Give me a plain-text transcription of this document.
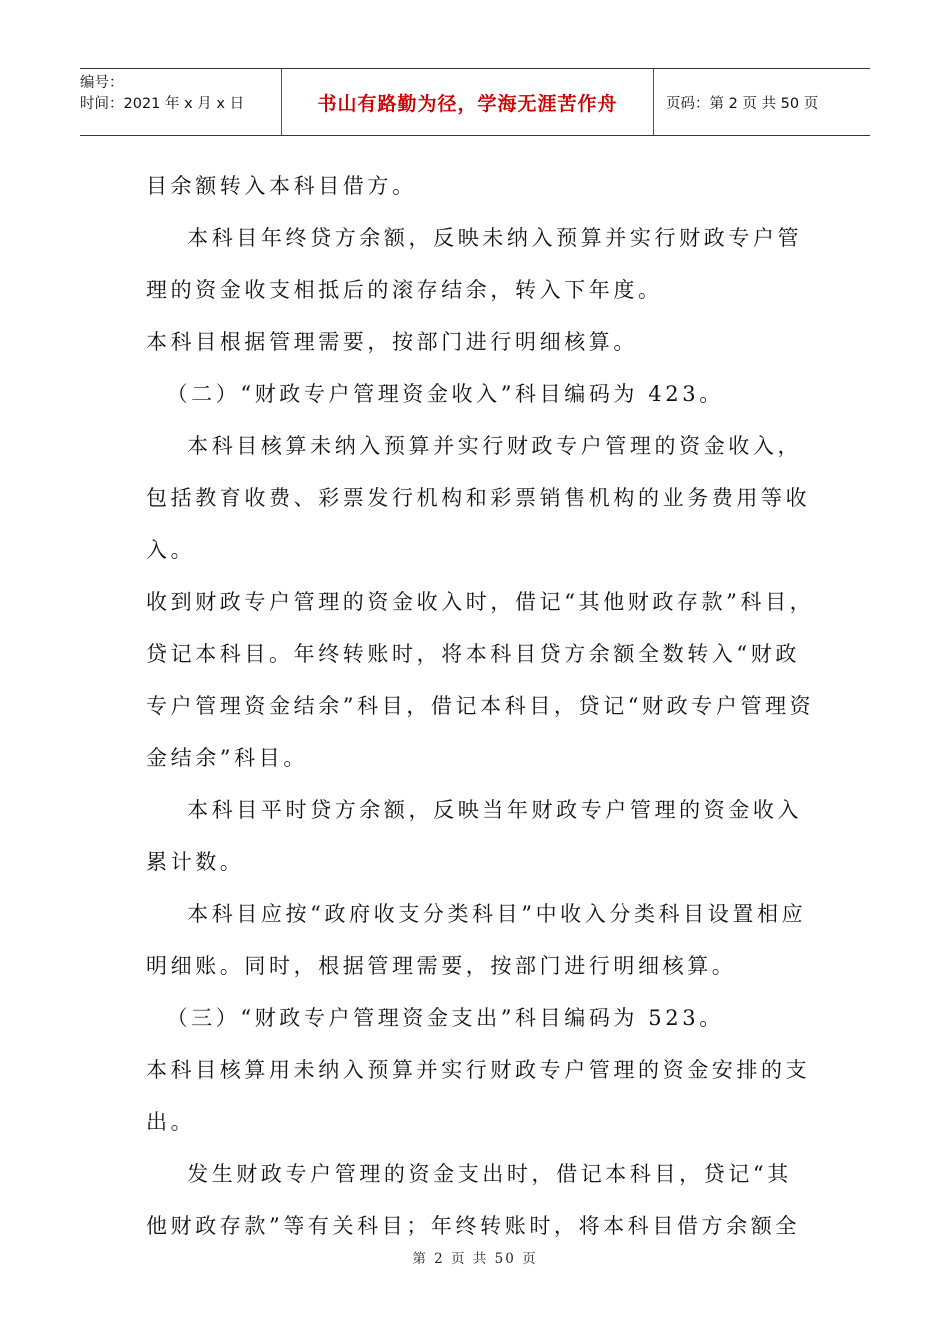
编号：
时间：2021 年 x 月 x 日	书山有路勤为径，学海无涯苦作舟	页码：第 2 页 共 50 页

目余额转入本科目借方。

本科目年终贷方余额，反映未纳入预算并实行财政专户管理的资金收支相抵后的滚存结余，转入下年度。

本科目根据管理需要，按部门进行明细核算。

（二）“财政专户管理资金收入”科目编码为 423。

本科目核算未纳入预算并实行财政专户管理的资金收入，包括教育收费、彩票发行机构和彩票销售机构的业务费用等收入。

收到财政专户管理的资金收入时，借记“其他财政存款”科目，贷记本科目。年终转账时，将本科目贷方余额全数转入“财政专户管理资金结余”科目，借记本科目，贷记“财政专户管理资金结余”科目。

本科目平时贷方余额，反映当年财政专户管理的资金收入累计数。

本科目应按“政府收支分类科目”中收入分类科目设置相应明细账。同时，根据管理需要，按部门进行明细核算。

（三）“财政专户管理资金支出”科目编码为 523。

本科目核算用未纳入预算并实行财政专户管理的资金安排的支出。

发生财政专户管理的资金支出时，借记本科目，贷记“其他财政存款”等有关科目；年终转账时，将本科目借方余额全

第 2 页 共 50 页
